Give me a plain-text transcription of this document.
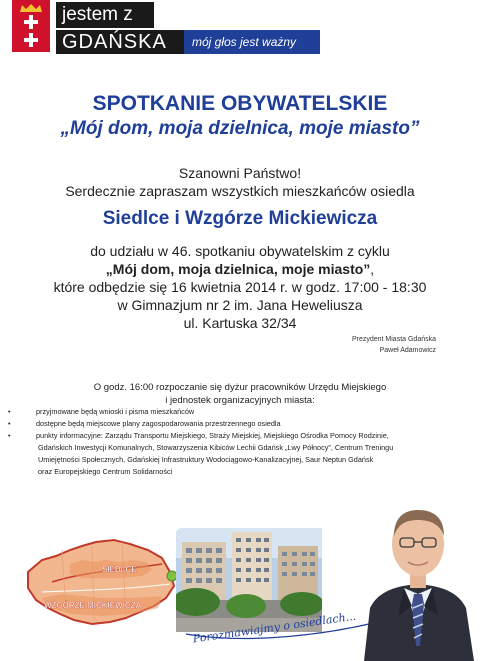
jestem z
GDAŃSKA	mój głos jest ważny
SPOTKANIE OBYWATELSKIE
„Mój dom, moja dzielnica, moje miasto”
Szanowni Państwo!
Serdecznie zapraszam wszystkich mieszkańców osiedla
Siedlce i Wzgórze Mickiewicza
do udziału w 46. spotkaniu obywatelskim z cyklu
„Mój dom, moja dzielnica, moje miasto”,
które odbędzie się 16 kwietnia 2014 r. w godz. 17:00 - 18:30
w Gimnazjum nr 2 im. Jana Heweliusza
ul. Kartuska 32/34
Prezydent Miasta Gdańska
Paweł Adamowicz
O godz. 16:00 rozpoczanie się dyżur pracowników Urzędu Miejskiego
i jednostek organizacyjnych miasta:
•	przyjmowane będą wnioski i pisma mieszkańców
•	dostępne będą miejscowe plany zagospodarowania przestrzennego osiedla
•	punkty informacyjne: Zarządu Transportu Miejskiego, Straży Miejskiej, Miejskiego Ośrodka Pomocy Rodzinie,
Gdańskich Inwestycji Komunalnych, Stowarzyszenia Kibiców Lechii Gdańsk „Lwy Północy”, Centrum Treningu
Umiejętności Społecznych, Gdańskiej Infrastruktury Wodociągowo-Kanalizacyjnej, Saur Neptun Gdańsk
oraz Europejskiego Centrum Solidarności
SIEDLCE
WZGÓRZE MICKIEWICZA
Porozmawiajmy o osiedlach...
